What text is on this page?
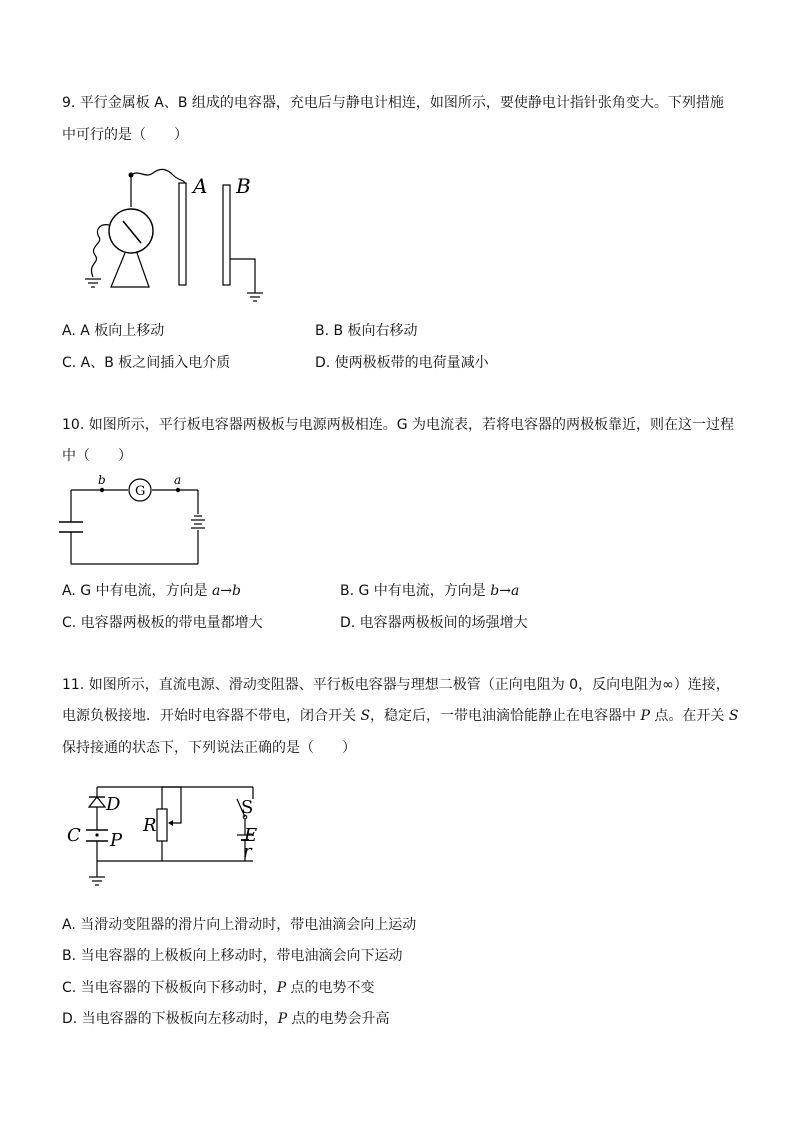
9. 平行金属板 A、B 组成的电容器，充电后与静电计相连，如图所示，要使静电计指针张角变大。下列措施
中可行的是（　　）
A B
A. A 板向上移动	B. B 板向右移动
C. A、B 板之间插入电介质	D. 使两极板带的电荷量减小
10. 如图所示，平行板电容器两极板与电源两极相连。G 为电流表，若将电容器的两极板靠近，则在这一过程
中（　　）
b	a
G
A. G 中有电流，方向是 a→b	B. G 中有电流，方向是 b→a
C. 电容器两极板的带电量都增大	D. 电容器两极板间的场强增大
11. 如图所示，直流电源、滑动变阻器、平行板电容器与理想二极管（正向电阻为 0，反向电阻为∞）连接，
电源负极接地．开始时电容器不带电，闭合开关 S，稳定后，一带电油滴恰能静止在电容器中 P 点。在开关 S
保持接通的状态下，下列说法正确的是（　　）
D
C P
R
S
E
r
A. 当滑动变阻器的滑片向上滑动时，带电油滴会向上运动
B. 当电容器的上极板向上移动时，带电油滴会向下运动
C. 当电容器的下极板向下移动时，P 点的电势不变
D. 当电容器的下极板向左移动时，P 点的电势会升高
